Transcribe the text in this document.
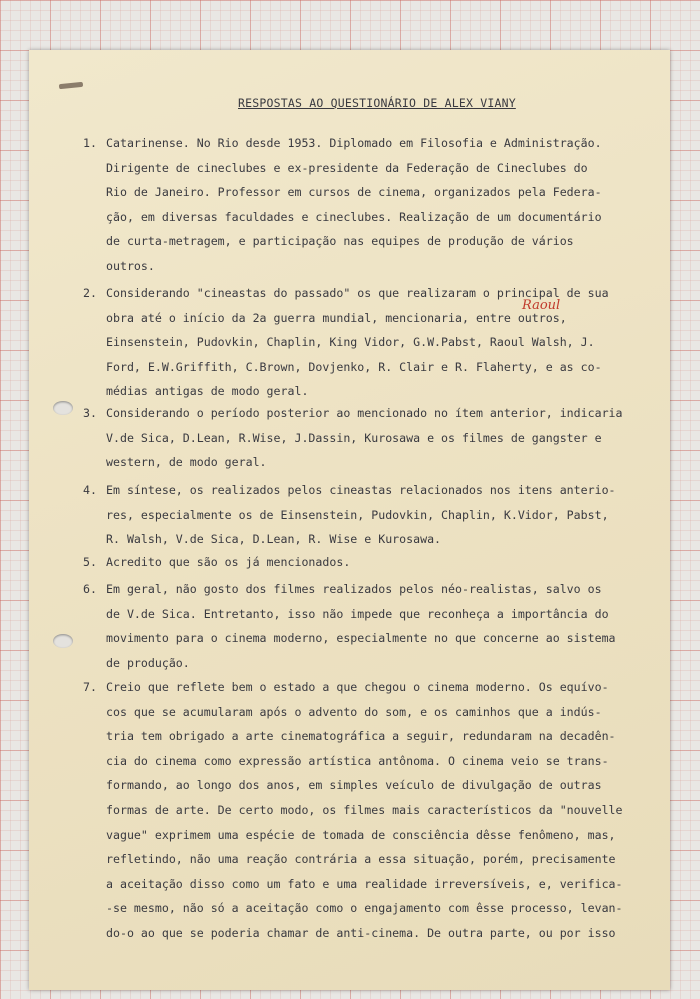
RESPOSTAS AO QUESTIONÁRIO DE ALEX VIANY
1. Catarinense. No Rio desde 1953. Diplomado em Filosofia e Administração.
Dirigente de cineclubes e ex-presidente da Federação de Cineclubes do
Rio de Janeiro. Professor em cursos de cinema, organizados pela Federa-
ção, em diversas faculdades e cineclubes. Realização de um documentário
de curta-metragem, e participação nas equipes de produção de vários
outros.
2. Considerando "cineastas do passado" os que realizaram o principal de sua
obra até o início da 2a guerra mundial, mencionaria, entre outros,
Einsenstein, Pudovkin, Chaplin, King Vidor, G.W.Pabst, Raoul Walsh, J.
Ford, E.W.Griffith, C.Brown, Dovjenko, R. Clair e R. Flaherty, e as co-
médias antigas de modo geral.
3. Considerando o período posterior ao mencionado no ítem anterior, indicaria
V.de Sica, D.Lean, R.Wise, J.Dassin, Kurosawa e os filmes de gangster e
western, de modo geral.
4. Em síntese, os realizados pelos cineastas relacionados nos itens anterio-
res, especialmente os de Einsenstein, Pudovkin, Chaplin, K.Vidor, Pabst,
R. Walsh, V.de Sica, D.Lean, R. Wise e Kurosawa.
5. Acredito que são os já mencionados.
6. Em geral, não gosto dos filmes realizados pelos néo-realistas, salvo os
de V.de Sica. Entretanto, isso não impede que reconheça a importância do
movimento para o cinema moderno, especialmente no que concerne ao sistema
de produção.
7. Creio que reflete bem o estado a que chegou o cinema moderno. Os equívo-
cos que se acumularam após o advento do som, e os caminhos que a indús-
tria tem obrigado a arte cinematográfica a seguir, redundaram na decadên-
cia do cinema como expressão artística antônoma. O cinema veio se trans-
formando, ao longo dos anos, em simples veículo de divulgação de outras
formas de arte. De certo modo, os filmes mais característicos da "nouvelle
vague" exprimem uma espécie de tomada de consciência dêsse fenômeno, mas,
refletindo, não uma reação contrária a essa situação, porém, precisamente
a aceitação disso como um fato e uma realidade irreversíveis, e, verifica-
-se mesmo, não só a aceitação como o engajamento com êsse processo, levan-
do-o ao que se poderia chamar de anti-cinema. De outra parte, ou por isso
Raoul
